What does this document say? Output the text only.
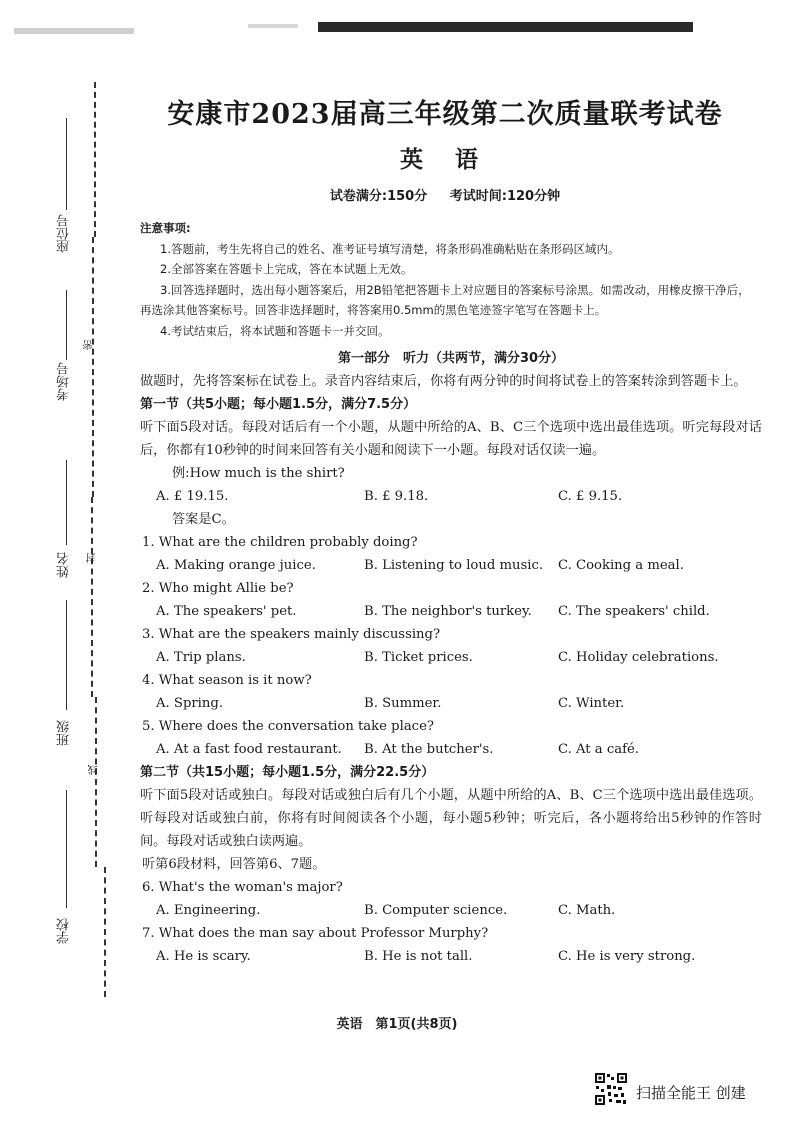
座位号
考场号
姓名
班级
学校
密
封
线
安康市2023届高三年级第二次质量联考试卷
英 语
试卷满分:150分 考试时间:120分钟
注意事项:
1.答题前，考生先将自己的姓名、准考证号填写清楚，将条形码准确粘贴在条形码区域内。
2.全部答案在答题卡上完成，答在本试题上无效。
3.回答选择题时，选出每小题答案后，用2B铅笔把答题卡上对应题目的答案标号涂黑。如需改动，用橡皮擦干净后，再选涂其他答案标号。回答非选择题时，将答案用0.5mm的黑色笔迹签字笔写在答题卡上。
4.考试结束后，将本试题和答题卡一并交回。
第一部分　听力（共两节，满分30分）
做题时，先将答案标在试卷上。录音内容结束后，你将有两分钟的时间将试卷上的答案转涂到答题卡上。
第一节（共5小题；每小题1.5分，满分7.5分）
听下面5段对话。每段对话后有一个小题，从题中所给的A、B、C三个选项中选出最佳选项。听完每段对话后，你都有10秒钟的时间来回答有关小题和阅读下一小题。每段对话仅读一遍。
例:How much is the shirt?
A. £ 19.15.	B. £ 9.18.	C. £ 9.15.
答案是C。
1. What are the children probably doing?
A. Making orange juice.	B. Listening to loud music.	C. Cooking a meal.
2. Who might Allie be?
A. The speakers' pet.	B. The neighbor's turkey.	C. The speakers' child.
3. What are the speakers mainly discussing?
A. Trip plans.	B. Ticket prices.	C. Holiday celebrations.
4. What season is it now?
A. Spring.	B. Summer.	C. Winter.
5. Where does the conversation take place?
A. At a fast food restaurant.	B. At the butcher's.	C. At a café.
第二节（共15小题；每小题1.5分，满分22.5分）
听下面5段对话或独白。每段对话或独白后有几个小题，从题中所给的A、B、C三个选项中选出最佳选项。听每段对话或独白前，你将有时间阅读各个小题，每小题5秒钟；听完后，各小题将给出5秒钟的作答时间。每段对话或独白读两遍。
听第6段材料，回答第6、7题。
6. What's the woman's major?
A. Engineering.	B. Computer science.	C. Math.
7. What does the man say about Professor Murphy?
A. He is scary.	B. He is not tall.	C. He is very strong.
英语　第1页(共8页)
扫描全能王 创建
